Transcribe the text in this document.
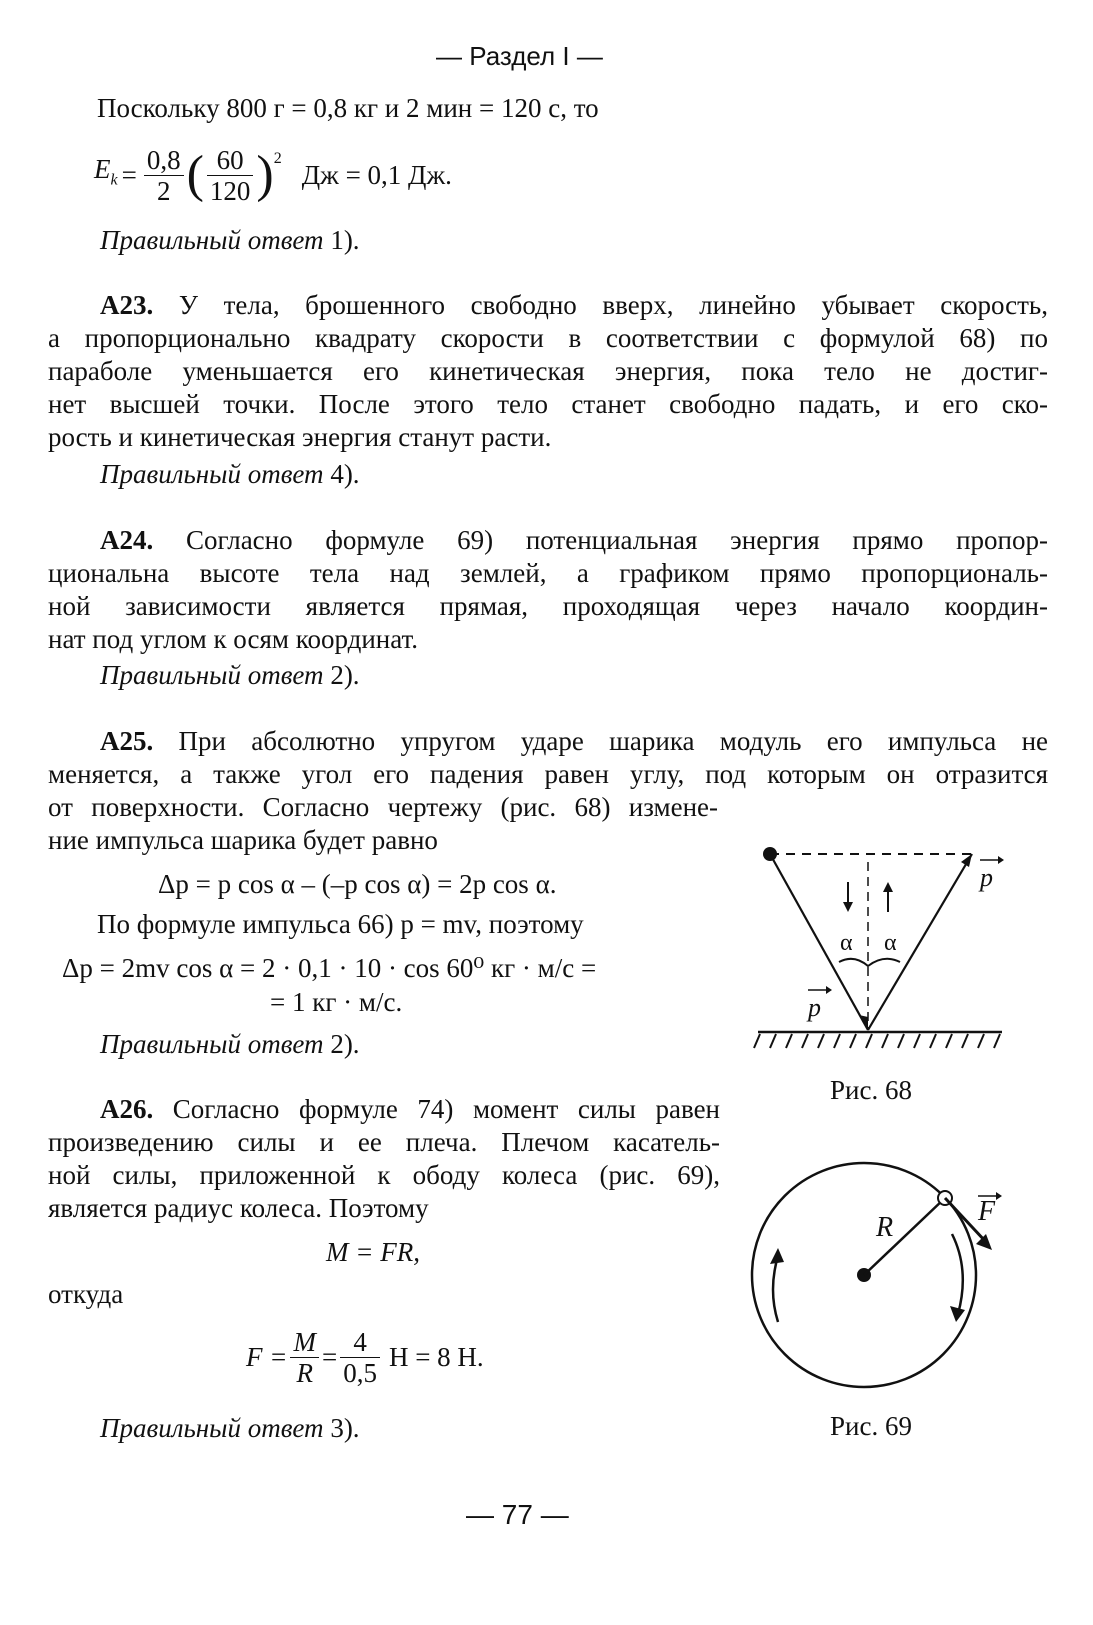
— Раздел I —
Поскольку 800 г = 0,8 кг и 2 мин = 120 с, то
$E_k = \frac{0,8}{2}$ ( $\frac{60}{120}$ ) 2
Дж = 0,1 Дж.
Правильный ответ 1).
А23. У тела, брошенного свободно вверх, линейно убывает скорость,
а пропорционально квадрату скорости в соответствии с формулой 68) по
параболе уменьшается его кинетическая энергия, пока тело не достиг-
нет высшей точки. После этого тело станет свободно падать, и его ско-
рость и кинетическая энергия станут расти.
Правильный ответ 4).
А24. Согласно формуле 69) потенциальная энергия прямо пропор-
циональна высоте тела над землей, а графиком прямо пропорциональ-
ной зависимости является прямая, проходящая через начало координ-
нат под углом к осям координат.
Правильный ответ 2).
А25. При абсолютно упругом ударе шарика модуль его импульса не
меняется, а также угол его падения равен углу, под которым он отразится
от поверхности. Согласно чертежу (рис. 68) измене-
ние импульса шарика будет равно
Δp = p cos α – (–p cos α) = 2p cos α.
По формуле импульса 66) p = mv, поэтому
Δp = 2mv cos α = 2 · 0,1 · 10 · cos 60⁰ кг · м/с =
= 1 кг · м/с.
Правильный ответ 2).
А26. Согласно формуле 74) момент силы равен
произведению силы и ее плеча. Плечом касатель-
ной силы, приложенной к ободу колеса (рис. 69),
является радиус колеса. Поэтому
M = FR,
откуда
$F = \frac{M}{R} = \frac{4}{0,5}$ Н = 8 Н.
Правильный ответ 3).
α α
p
p
Рис. 68
R
F
Рис. 69
— 77 —
